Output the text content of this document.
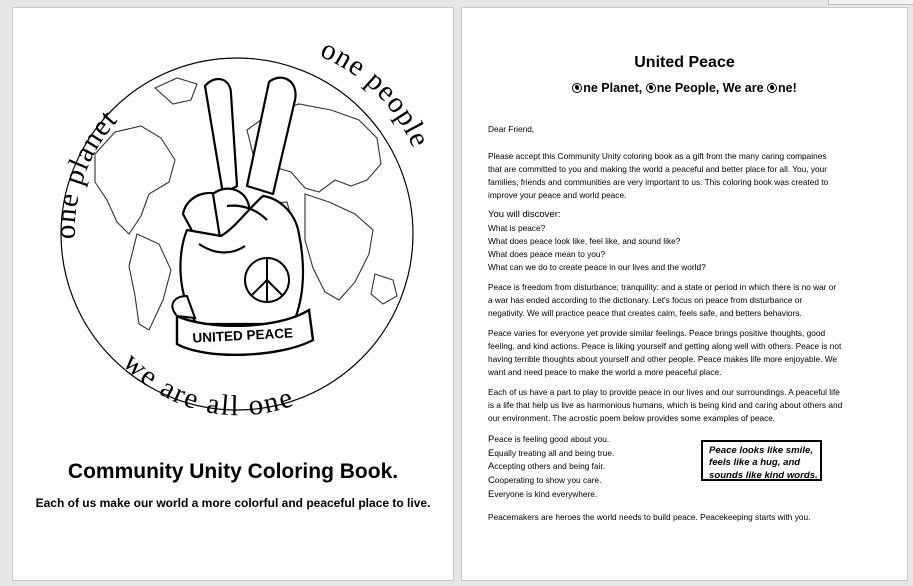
UNITED PEACE
one planet
one people
we are all one
Community Unity Coloring Book.
Each of us make our world a more colorful and peaceful place to live.
United Peace
ne Planet, ne People, We are ne!

Dear Friend,

Please accept this Community Unity coloring book as a gift from the many caring compaines
that are committed to you and making the world a peaceful and better place for all. You, your
families, friends and communities are very important to us. This coloring book was created to
improve your peace and world peace.

You will discover:
What is peace?
What does peace look like, feel like, and sound like?
What does peace mean to you?
What can we do to create peace in our lives and the world?

Peace is freedom from disturbance; tranquility: and a state or period in which there is no war or
a war has ended according to the dictionary. Let's focus on peace from disturbance or
negativity. We will practice peace that creates calm, feels safe, and betters behaviors.

Peace varies for everyone yet provide similar feelings. Peace brings positive thoughts, good
feeling, and kind actions. Peace is liking yourself and getting along well with others. Peace is not
having terrible thoughts about yourself and other people. Peace makes life more enjoyable. We
want and need peace to make the world a more peaceful place.

Each of us have a part to play to provide peace in our lives and our surroundings. A peaceful life
is a life that help us live as harmonious humans, which is being kind and caring about others and
our environment. The acrostic poem below provides some examples of peace.

Peace is feeling good about you.
Equally treating all and being true.
Accepting others and being fair.
Cooperating to show you care.
Everyone is kind everywhere.
Peace looks like smile,
feels like a hug, and
sounds like kind words.

Peacemakers are heroes the world needs to build peace. Peacekeeping starts with you.
